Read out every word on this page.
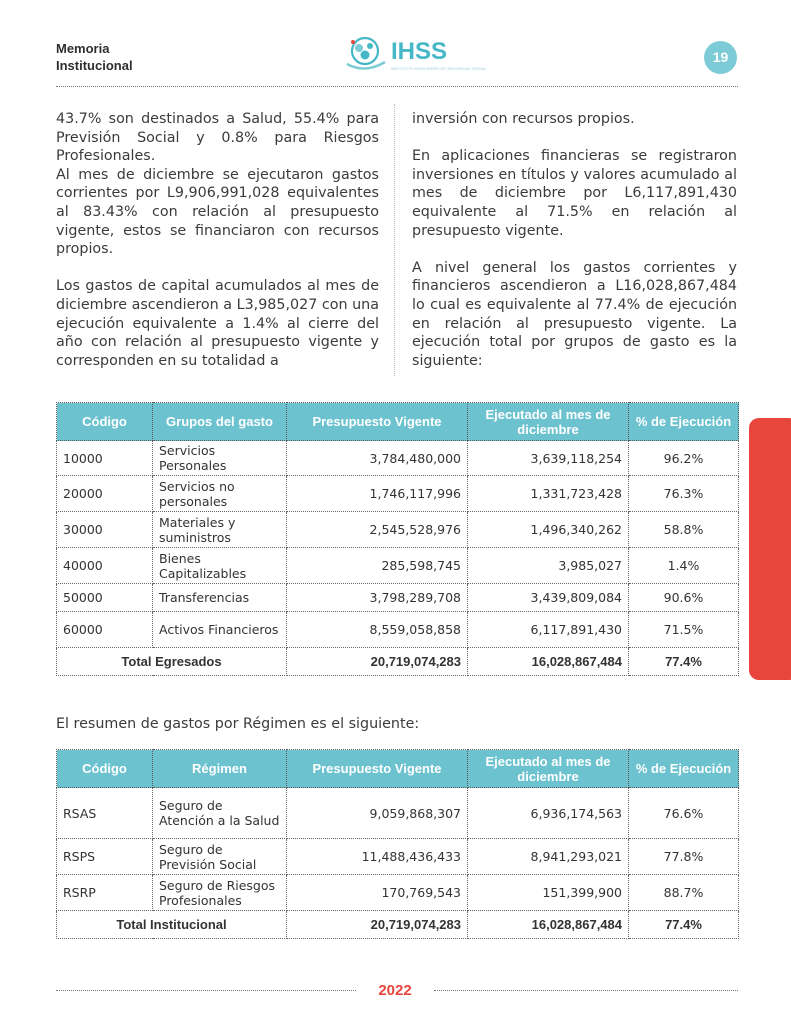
Memoria
Institucional
IHSS
INSTITUTO HONDUREÑO DE SEGURIDAD SOCIAL
19

43.7% son destinados a Salud, 55.4% para Previsión Social y 0.8% para Riesgos Profesionales.

Al mes de diciembre se ejecutaron gastos corrientes por L9,906,991,028 equivalentes al 83.43% con relación al presupuesto vigente, estos se financiaron con recursos propios.

Los gastos de capital acumulados al mes de diciembre ascendieron a L3,985,027 con una ejecución equivalente a 1.4% al cierre del año con relación al presupuesto vigente y corresponden en su totalidad a

inversión con recursos propios.

En aplicaciones financieras se registraron inversiones en títulos y valores acumulado al mes de diciembre por L6,117,891,430 equivalente al 71.5% en relación al presupuesto vigente.

A nivel general los gastos corrientes y financieros ascendieron a L16,028,867,484 lo cual es equivalente al 77.4% de ejecución en relación al presupuesto vigente. La ejecución total por grupos de gasto es la siguiente:

Código	Grupos del gasto	Presupuesto Vigente	Ejecutado al mes de diciembre	% de Ejecución
10000	Servicios Personales	3,784,480,000	3,639,118,254	96.2%
20000	Servicios no personales	1,746,117,996	1,331,723,428	76.3%
30000	Materiales y suministros	2,545,528,976	1,496,340,262	58.8%
40000	Bienes Capitalizables	285,598,745	3,985,027	1.4%
50000	Transferencias	3,798,289,708	3,439,809,084	90.6%
60000	Activos Financieros	8,559,058,858	6,117,891,430	71.5%
Total Egresados		20,719,074,283	16,028,867,484	77.4%
El resumen de gastos por Régimen es el siguiente:
Código	Régimen	Presupuesto Vigente	Ejecutado al mes de diciembre	% de Ejecución
RSAS	Seguro de Atención a la Salud	9,059,868,307	6,936,174,563	76.6%
RSPS	Seguro de Previsión Social	11,488,436,433	8,941,293,021	77.8%
RSRP	Seguro de Riesgos Profesionales	170,769,543	151,399,900	88.7%
Total Institucional		20,719,074,283	16,028,867,484	77.4%
2022
